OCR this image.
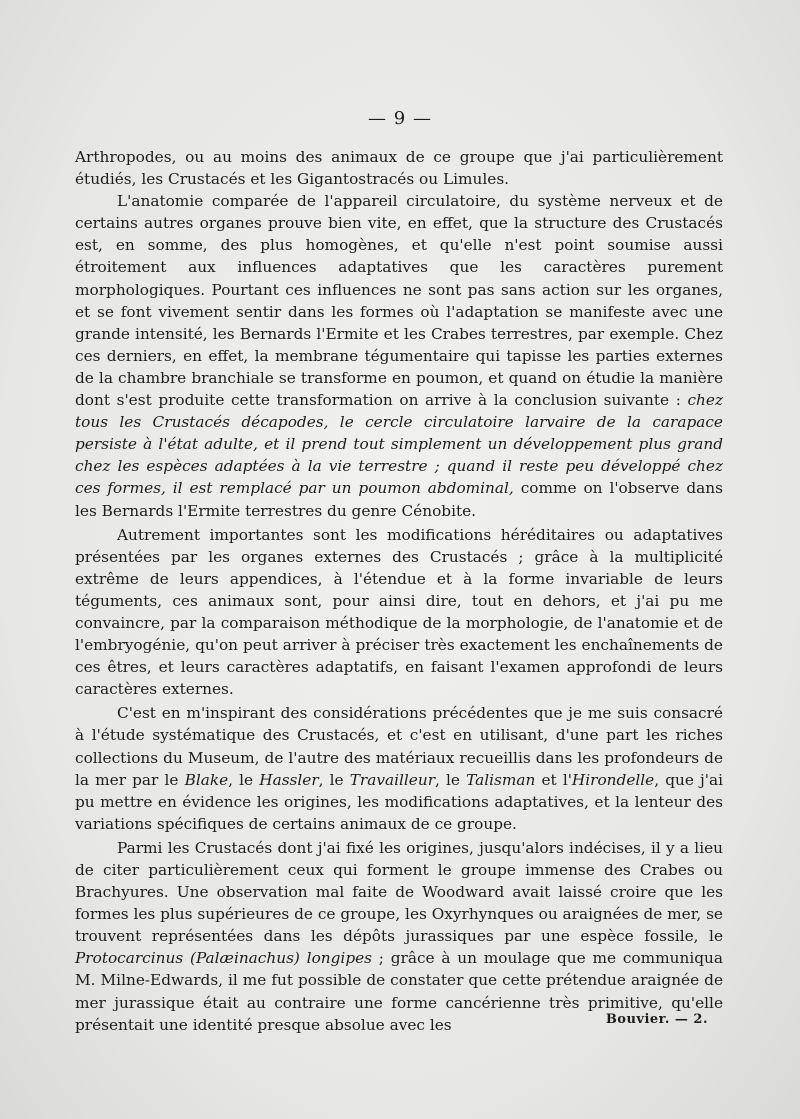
— 9 —

Arthropodes, ou au moins des animaux de ce groupe que j'ai particulièrement étudiés, les Crustacés et les Gigantostracés ou Limules.

L'anatomie comparée de l'appareil circulatoire, du système nerveux et de certains autres organes prouve bien vite, en effet, que la structure des Crustacés est, en somme, des plus homogènes, et qu'elle n'est point soumise aussi étroitement aux influences adaptatives que les caractères purement morphologiques. Pourtant ces influences ne sont pas sans action sur les organes, et se font vivement sentir dans les formes où l'adaptation se manifeste avec une grande intensité, les Bernards l'Ermite et les Crabes terrestres, par exemple. Chez ces derniers, en effet, la membrane tégumentaire qui tapisse les parties externes de la chambre branchiale se transforme en poumon, et quand on étudie la manière dont s'est produite cette transformation on arrive à la conclusion suivante : chez tous les Crustacés décapodes, le cercle circulatoire larvaire de la carapace persiste à l'état adulte, et il prend tout simplement un développement plus grand chez les espèces adaptées à la vie terrestre ; quand il reste peu développé chez ces formes, il est remplacé par un poumon abdominal, comme on l'observe dans les Bernards l'Ermite terrestres du genre Cénobite.

Autrement importantes sont les modifications héréditaires ou adaptatives présentées par les organes externes des Crustacés ; grâce à la multiplicité extrême de leurs appendices, à l'étendue et à la forme invariable de leurs téguments, ces animaux sont, pour ainsi dire, tout en dehors, et j'ai pu me convaincre, par la comparaison méthodique de la morphologie, de l'anatomie et de l'embryogénie, qu'on peut arriver à préciser très exactement les enchaînements de ces êtres, et leurs caractères adaptatifs, en faisant l'examen approfondi de leurs caractères externes.

C'est en m'inspirant des considérations précédentes que je me suis consacré à l'étude systématique des Crustacés, et c'est en utilisant, d'une part les riches collections du Museum, de l'autre des matériaux recueillis dans les profondeurs de la mer par le Blake, le Hassler, le Travailleur, le Talisman et l'Hirondelle, que j'ai pu mettre en évidence les origines, les modifications adaptatives, et la lenteur des variations spécifiques de certains animaux de ce groupe.

Parmi les Crustacés dont j'ai fixé les origines, jusqu'alors indécises, il y a lieu de citer particulièrement ceux qui forment le groupe immense des Crabes ou Brachyures. Une observation mal faite de Woodward avait laissé croire que les formes les plus supérieures de ce groupe, les Oxyrhynques ou araignées de mer, se trouvent représentées dans les dépôts jurassiques par une espèce fossile, le Protocarcinus (Palæinachus) longipes ; grâce à un moulage que me communiqua M. Milne-Edwards, il me fut possible de constater que cette prétendue araignée de mer jurassique était au contraire une forme cancérienne très primitive, qu'elle présentait une identité presque absolue avec les	Bouvier. — 2.
